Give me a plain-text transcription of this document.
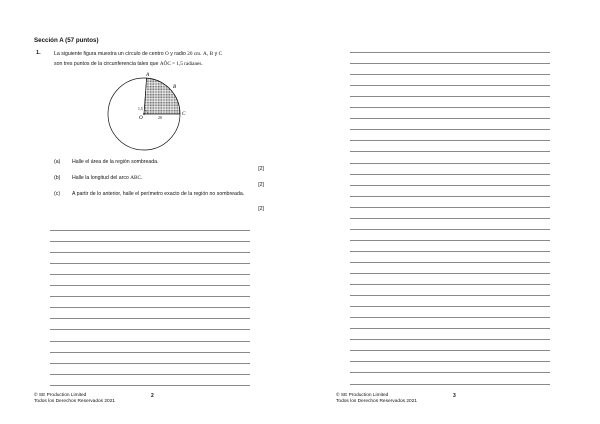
Sección A (57 puntos)
1.	La siguiente figura muestra un círculo de centro O y radio 20 cm. A, B y C
son tres puntos de la circunferencia tales que AÔC = 1,5 radianes.
A
B
C
O
1,5
20
(a) Halle el área de la región sombreada.
[2]
(b) Halle la longitud del arco ABC.
[2]
(c) A partir de lo anterior, halle el perímetro exacto de la región no sombreada.
[2]
© SE Production Limited
Todos los Derechos Reservados 2021
2	© SE Production Limited
Todos los Derechos Reservados 2021
3
